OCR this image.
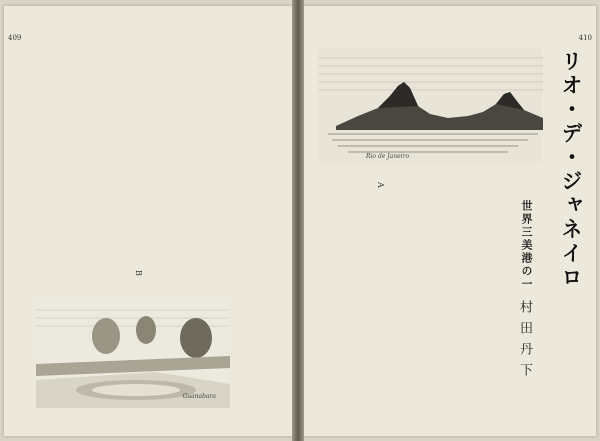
409	410
リオ・デ・ジャネイロ
世界三美港の一
村田丹下
A
B
Rio de Janeiro
Guanabara
